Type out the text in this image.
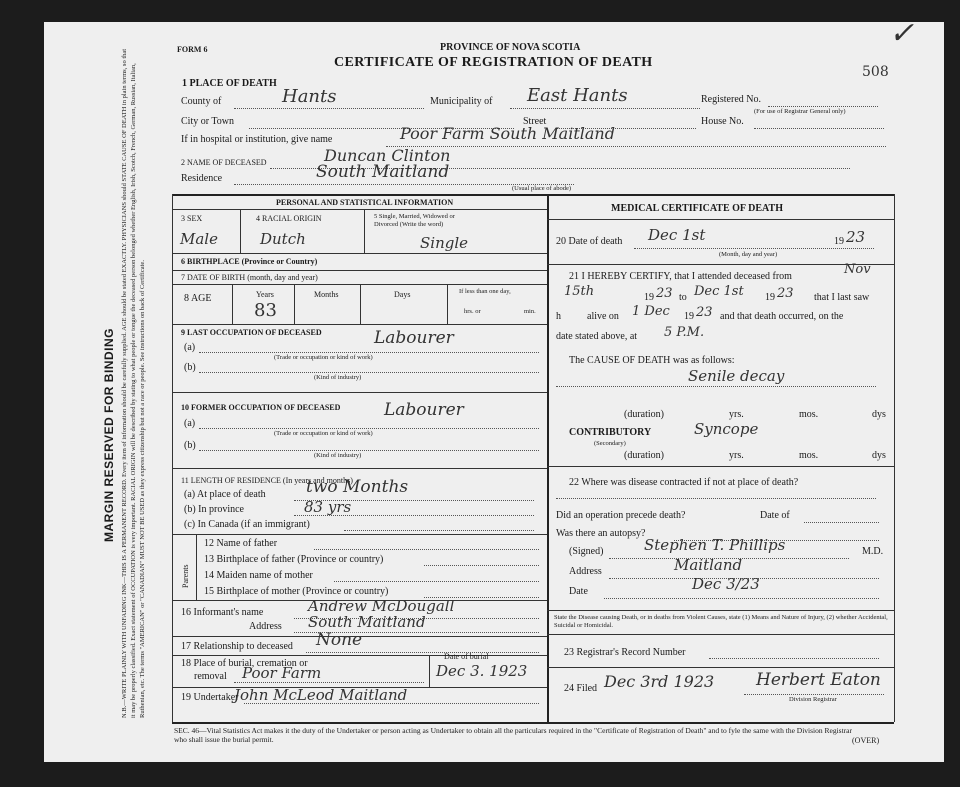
MARGIN RESERVED FOR BINDING N.B.—WRITE PLAINLY WITH UNFADING INK—THIS IS A PERMANENT RECORD. Every item of information should be carefully supplied. AGE should be stated EXACTLY. PHYSICIANS should STATE CAUSE OF DEATH in plain terms, so that it may be properly classified. Exact statement of OCCUPATION is very important. RACIAL ORIGIN will be described by stating to what people or tongue the deceased person belonged whether English, Irish, Scotch, French, German, Russian, Italian, Ruthenian, etc. The terms "AMERICAN" or "CANADIAN" MUST NOT BE USED as they express citizenship but not a race or people. See instructions on back of Certificate.
FORM 6	PROVINCE OF NOVA SCOTIA
CERTIFICATE OF REGISTRATION OF DEATH
508
✓
1 PLACE OF DEATH
County of	Hants	Municipality of East Hants	Registered No.
(For use of Registrar General only)
City or Town	Street	House No.
If in hospital or institution, give name	Poor Farm South Maitland
2 NAME OF DECEASED	Duncan Clinton
Residence	South Maitland
(Usual place of abode)
PERSONAL AND STATISTICAL INFORMATION
3 SEX	4 RACIAL ORIGIN	5 Single, Married, Widowed or
Divorced (Write the word)
Male	Dutch	Single
6 BIRTHPLACE (Province or Country)
7 DATE OF BIRTH (month, day and year)
8 AGE	Years
83
Months	Days	If less than one day,
hrs. or	min.
9 LAST OCCUPATION OF DECEASED	Labourer
(a)
(Trade or occupation or kind of work)
(b)
(Kind of industry)
10 FORMER OCCUPATION OF DECEASED	Labourer
(a)
(Trade or occupation or kind of work)
(b)
(Kind of industry)
11 LENGTH OF RESIDENCE (In years and months)
(a) At place of death two Months
(b) In province	83 yrs
(c) In Canada (if an immigrant)
Parents
12 Name of father
13 Birthplace of father (Province or country)
14 Maiden name of mother
15 Birthplace of mother (Province or country)
16 Informant's name	Andrew McDougall
Address South Maitland
17 Relationship to deceased None
18 Place of burial, cremation or
removal Poor Farm
Date of burial
Dec 3. 1923
19 Undertaker
John McLeod Maitland
MEDICAL CERTIFICATE OF DEATH
20 Date of death Dec 1st	19 23
(Month, day and year)
21 I HEREBY CERTIFY, that I attended deceased from	Nov
15th	19 23 to Dec 1st 19 23 that I last saw
h	alive on 1 Dec 19 23 and that death occurred, on the
date stated above, at 5 P.M.
The CAUSE OF DEATH was as follows:
Senile decay
(duration)	yrs.	mos.	dys
CONTRIBUTORY
(Secondary)
Syncope
(duration)	yrs.	mos.	dys
22 Where was disease contracted if not at place of death?
Did an operation precede death?	Date of
Was there an autopsy?
(Signed)	Stephen T. Phillips	M.D.
Address	Maitland
Date	Dec 3/23
State the Disease causing Death, or in deaths from Violent Causes, state (1) Means and Nature of Injury, (2) whether Accidental, Suicidal or Homicidal.
23 Registrar's Record Number
24 Filed Dec 3rd 1923 Herbert Eaton
Division Registrar
SEC. 46—Vital Statistics Act makes it the duty of the Undertaker or person acting as Undertaker to obtain all the particulars required in the "Certificate of Registration of Death" and to fyle the same with the Division Registrar who shall issue the burial permit.	(OVER)
